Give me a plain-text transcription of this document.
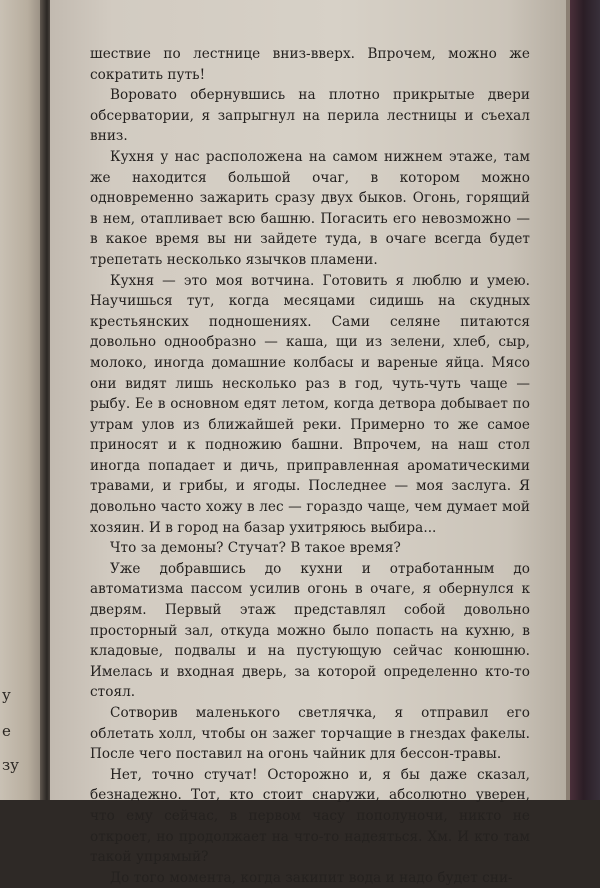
у
е
зу

шествие по лестнице вниз-вверх. Впрочем, можно же сократить путь!

Вороватo обернувшись на плотно прикрытые двери обсерватории, я запрыгнул на перила лестницы и съехал вниз.

Кухня у нас расположена на самом нижнем этаже, там же находится большой очаг, в котором можно одновременно зажарить сразу двух быков. Огонь, горящий в нем, отапливает всю башню. Погасить его невозможно — в какое время вы ни зайдете туда, в очаге всегда будет трепетать несколько язычков пламени.

Кухня — это моя вотчина. Готовить я люблю и умею. Научишься тут, когда месяцами сидишь на скудных крестьянских подношениях. Сами селяне питаются довольно однообразно — каша, щи из зелени, хлеб, сыр, молоко, иногда домашние колбасы и вареные яйца. Мясо они видят лишь несколько раз в год, чуть-чуть чаще — рыбу. Ее в основном едят летом, когда детвора добывает по утрам улов из ближайшей реки. Примерно то же самое приносят и к подножию башни. Впрочем, на наш стол иногда попадает и дичь, приправленная ароматическими травами, и грибы, и ягоды. Последнее — моя заслуга. Я довольно часто хожу в лес — гораздо чаще, чем думает мой хозяин. И в город на базар ухитряюсь выбира...

Что за демоны? Стучат? В такое время?

Уже добравшись до кухни и отработанным до автоматизма пассом усилив огонь в очаге, я обернулся к дверям. Первый этаж представлял собой довольно просторный зал, откуда можно было попасть на кухню, в кладовые, подвалы и на пустующую сейчас конюшню. Имелась и входная дверь, за которой определенно кто-то стоял.

Сотворив маленького светлячка, я отправил его облетать холл, чтобы он зажег торчащие в гнездах факелы. После чего поставил на огонь чайник для бессон-травы.

Нет, точно стучат! Осторожно и, я бы даже сказал, безнадежно. Тот, кто стоит снаружи, абсолютно уверен, что ему сейчас, в первом часу пополуночи, никто не откроет, но продолжает на что-то надеяться. Хм. И кто там такой упрямый?

До того момента, когда закипит вода и надо будет сни-
